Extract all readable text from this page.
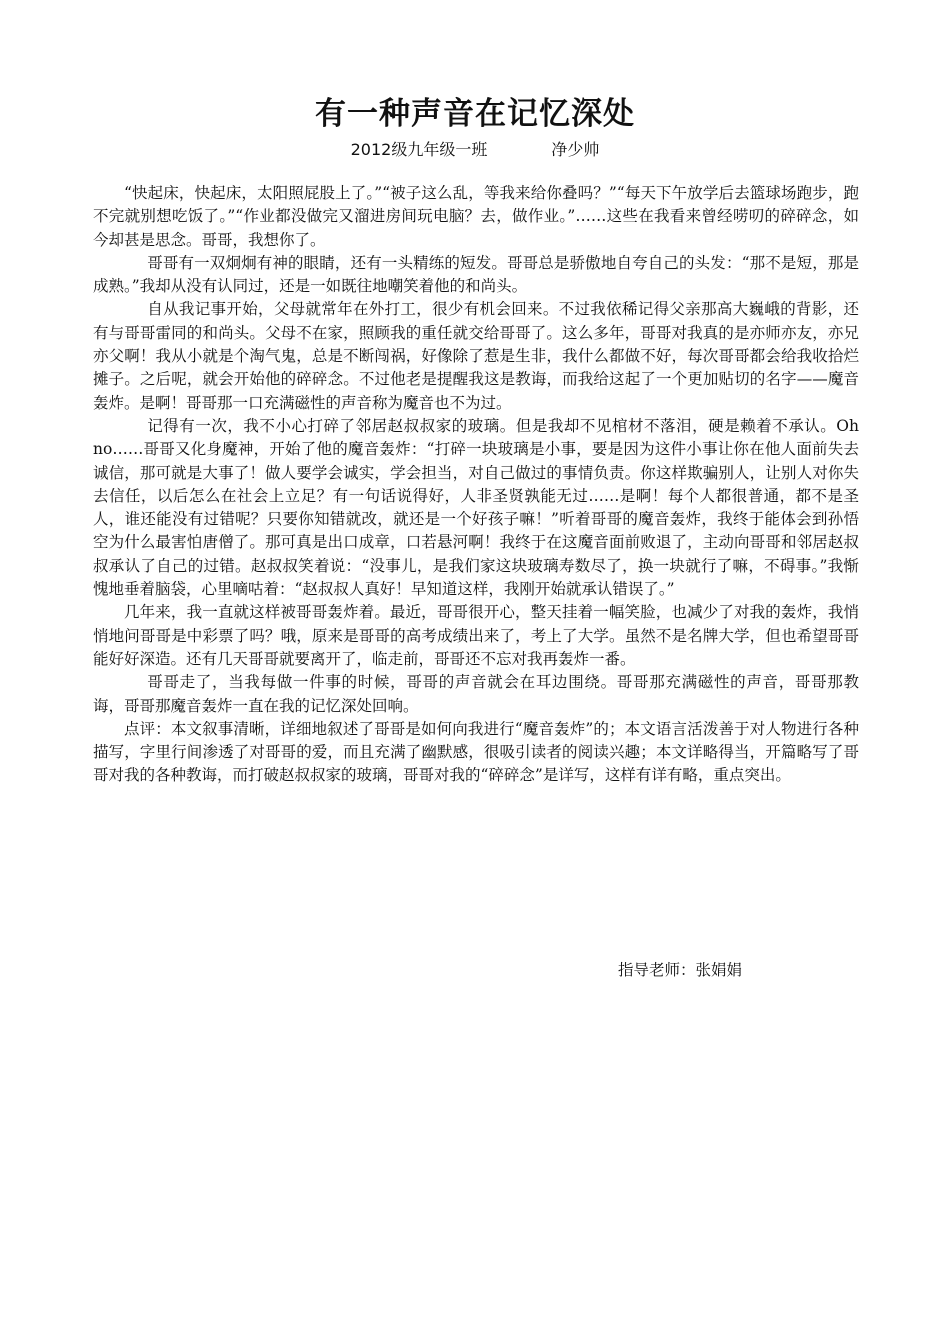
有一种声音在记忆深处
2012级九年级一班	净少帅

“快起床，快起床，太阳照屁股上了。”“被子这么乱，等我来给你叠吗？”“每天下午放学后去篮球场跑步，跑不完就别想吃饭了。”“作业都没做完又溜进房间玩电脑？去，做作业。”……这些在我看来曾经唠叨的碎碎念，如今却甚是思念。哥哥，我想你了。

哥哥有一双炯炯有神的眼睛，还有一头精练的短发。哥哥总是骄傲地自夸自己的头发：“那不是短，那是成熟。”我却从没有认同过，还是一如既往地嘲笑着他的和尚头。

自从我记事开始，父母就常年在外打工，很少有机会回来。不过我依稀记得父亲那高大巍峨的背影，还有与哥哥雷同的和尚头。父母不在家，照顾我的重任就交给哥哥了。这么多年，哥哥对我真的是亦师亦友，亦兄亦父啊！我从小就是个淘气鬼，总是不断闯祸，好像除了惹是生非，我什么都做不好，每次哥哥都会给我收拾烂摊子。之后呢，就会开始他的碎碎念。不过他老是提醒我这是教诲，而我给这起了一个更加贴切的名字——魔音轰炸。是啊！哥哥那一口充满磁性的声音称为魔音也不为过。

记得有一次，我不小心打碎了邻居赵叔叔家的玻璃。但是我却不见棺材不落泪，硬是赖着不承认。Oh　no……哥哥又化身魔神，开始了他的魔音轰炸：“打碎一块玻璃是小事，要是因为这件小事让你在他人面前失去诚信，那可就是大事了！做人要学会诚实，学会担当，对自己做过的事情负责。你这样欺骗别人，让别人对你失去信任，以后怎么在社会上立足？有一句话说得好，人非圣贤孰能无过……是啊！每个人都很普通，都不是圣人，谁还能没有过错呢？只要你知错就改，就还是一个好孩子嘛！”听着哥哥的魔音轰炸，我终于能体会到孙悟空为什么最害怕唐僧了。那可真是出口成章，口若悬河啊！我终于在这魔音面前败退了，主动向哥哥和邻居赵叔叔承认了自己的过错。赵叔叔笑着说：“没事儿，是我们家这块玻璃寿数尽了，换一块就行了嘛，不碍事。”我惭愧地垂着脑袋，心里嘀咕着：“赵叔叔人真好！早知道这样，我刚开始就承认错误了。”

几年来，我一直就这样被哥哥轰炸着。最近，哥哥很开心，整天挂着一幅笑脸，也减少了对我的轰炸，我悄悄地问哥哥是中彩票了吗？哦，原来是哥哥的高考成绩出来了，考上了大学。虽然不是名牌大学，但也希望哥哥能好好深造。还有几天哥哥就要离开了，临走前，哥哥还不忘对我再轰炸一番。

哥哥走了，当我每做一件事的时候，哥哥的声音就会在耳边围绕。哥哥那充满磁性的声音，哥哥那教诲，哥哥那魔音轰炸一直在我的记忆深处回响。

点评：本文叙事清晰，详细地叙述了哥哥是如何向我进行“魔音轰炸”的；本文语言活泼善于对人物进行各种描写，字里行间渗透了对哥哥的爱，而且充满了幽默感，很吸引读者的阅读兴趣；本文详略得当，开篇略写了哥哥对我的各种教诲，而打破赵叔叔家的玻璃，哥哥对我的“碎碎念”是详写，这样有详有略，重点突出。

指导老师：张娟娟
